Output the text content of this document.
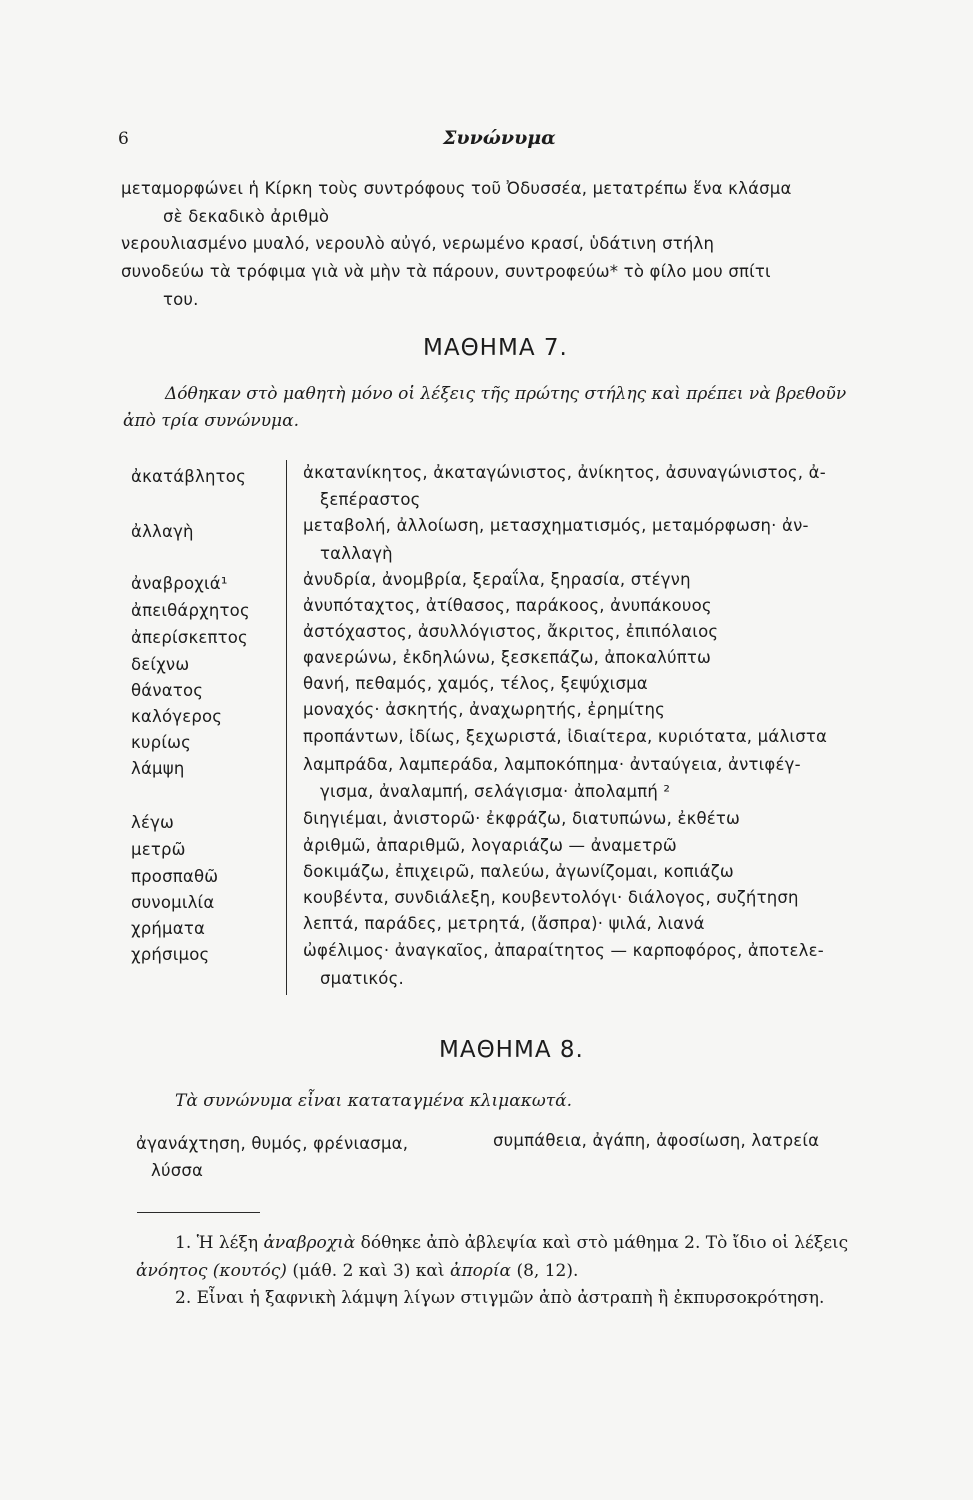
6	Συνώνυμα
μεταμορφώνει ἡ Κίρκη τοὺς συντρόφους τοῦ Ὀδυσσέα, μετατρέπω ἕνα κλάσμα
σὲ δεκαδικὸ ἀριθμὸ
νερουλιασμένο μυαλό, νερουλὸ αὐγό, νερωμένο κρασί, ὑδάτινη στήλη
συνοδεύω τὰ τρόφιμα γιὰ νὰ μὴν τὰ πάρουν, συντροφεύω* τὸ φίλο μου σπίτι
του.
ΜΑΘΗΜΑ 7.
Δόθηκαν στὸ μαθητὴ μόνο οἱ λέξεις τῆς πρώτης στήλης καὶ πρέπει νὰ βρεθοῦν
ἀπὸ τρία συνώνυμα.
ἀκατάβλητος
ἀλλαγὴ
ἀναβροχιά¹
ἀπειθάρχητος
ἀπερίσκεπτος
δείχνω
θάνατος
καλόγερος
κυρίως
λάμψη
λέγω
μετρῶ
προσπαθῶ
συνομιλία
χρήματα
χρήσιμος
ἀκατανίκητος, ἀκαταγώνιστος, ἀνίκητος, ἀσυναγώνιστος, ἀ-
ξεπέραστος
μεταβολή, ἀλλοίωση, μετασχηματισμός, μεταμόρφωση· ἀν-
ταλλαγὴ
ἀνυδρία, ἀνομβρία, ξεραΐλα, ξηρασία, στέγνη
ἀνυπόταχτος, ἀτίθασος, παράκοος, ἀνυπάκουος
ἀστόχαστος, ἀσυλλόγιστος, ἄκριτος, ἐπιπόλαιος
φανερώνω, ἐκδηλώνω, ξεσκεπάζω, ἀποκαλύπτω
θανή, πεθαμός, χαμός, τέλος, ξεψύχισμα
μοναχός· ἀσκητής, ἀναχωρητής, ἐρημίτης
προπάντων, ἰδίως, ξεχωριστά, ἰδιαίτερα, κυριότατα, μάλιστα
λαμπράδα, λαμπεράδα, λαμποκόπημα· ἀνταύγεια, ἀντιφέγ-
γισμα, ἀναλαμπή, σελάγισμα· ἀπολαμπή ²
διηγιέμαι, ἀνιστορῶ· ἐκφράζω, διατυπώνω, ἐκθέτω
ἀριθμῶ, ἀπαριθμῶ, λογαριάζω — ἀναμετρῶ
δοκιμάζω, ἐπιχειρῶ, παλεύω, ἀγωνίζομαι, κοπιάζω
κουβέντα, συνδιάλεξη, κουβεντολόγι· διάλογος, συζήτηση
λεπτά, παράδες, μετρητά, (ἄσπρα)· ψιλά, λιανά
ὠφέλιμος· ἀναγκαῖος, ἀπαραίτητος — καρποφόρος, ἀποτελε-
σματικός.
ΜΑΘΗΜΑ 8.
Τὰ συνώνυμα εἶναι καταταγμένα κλιμακωτά.
ἀγανάχτηση, θυμός, φρένιασμα,
λύσσα
συμπάθεια, ἀγάπη, ἀφοσίωση, λατρεία
1. Ἡ λέξη ἀναβροχιὰ δόθηκε ἀπὸ ἀβλεψία καὶ στὸ μάθημα 2. Τὸ ἴδιο οἱ λέξεις
ἀνόητος (κουτός) (μάθ. 2 καὶ 3) καὶ ἀπορία (8, 12).
2. Εἶναι ἡ ξαφνικὴ λάμψη λίγων στιγμῶν ἀπὸ ἀστραπὴ ἢ ἐκπυρσοκρότηση.
